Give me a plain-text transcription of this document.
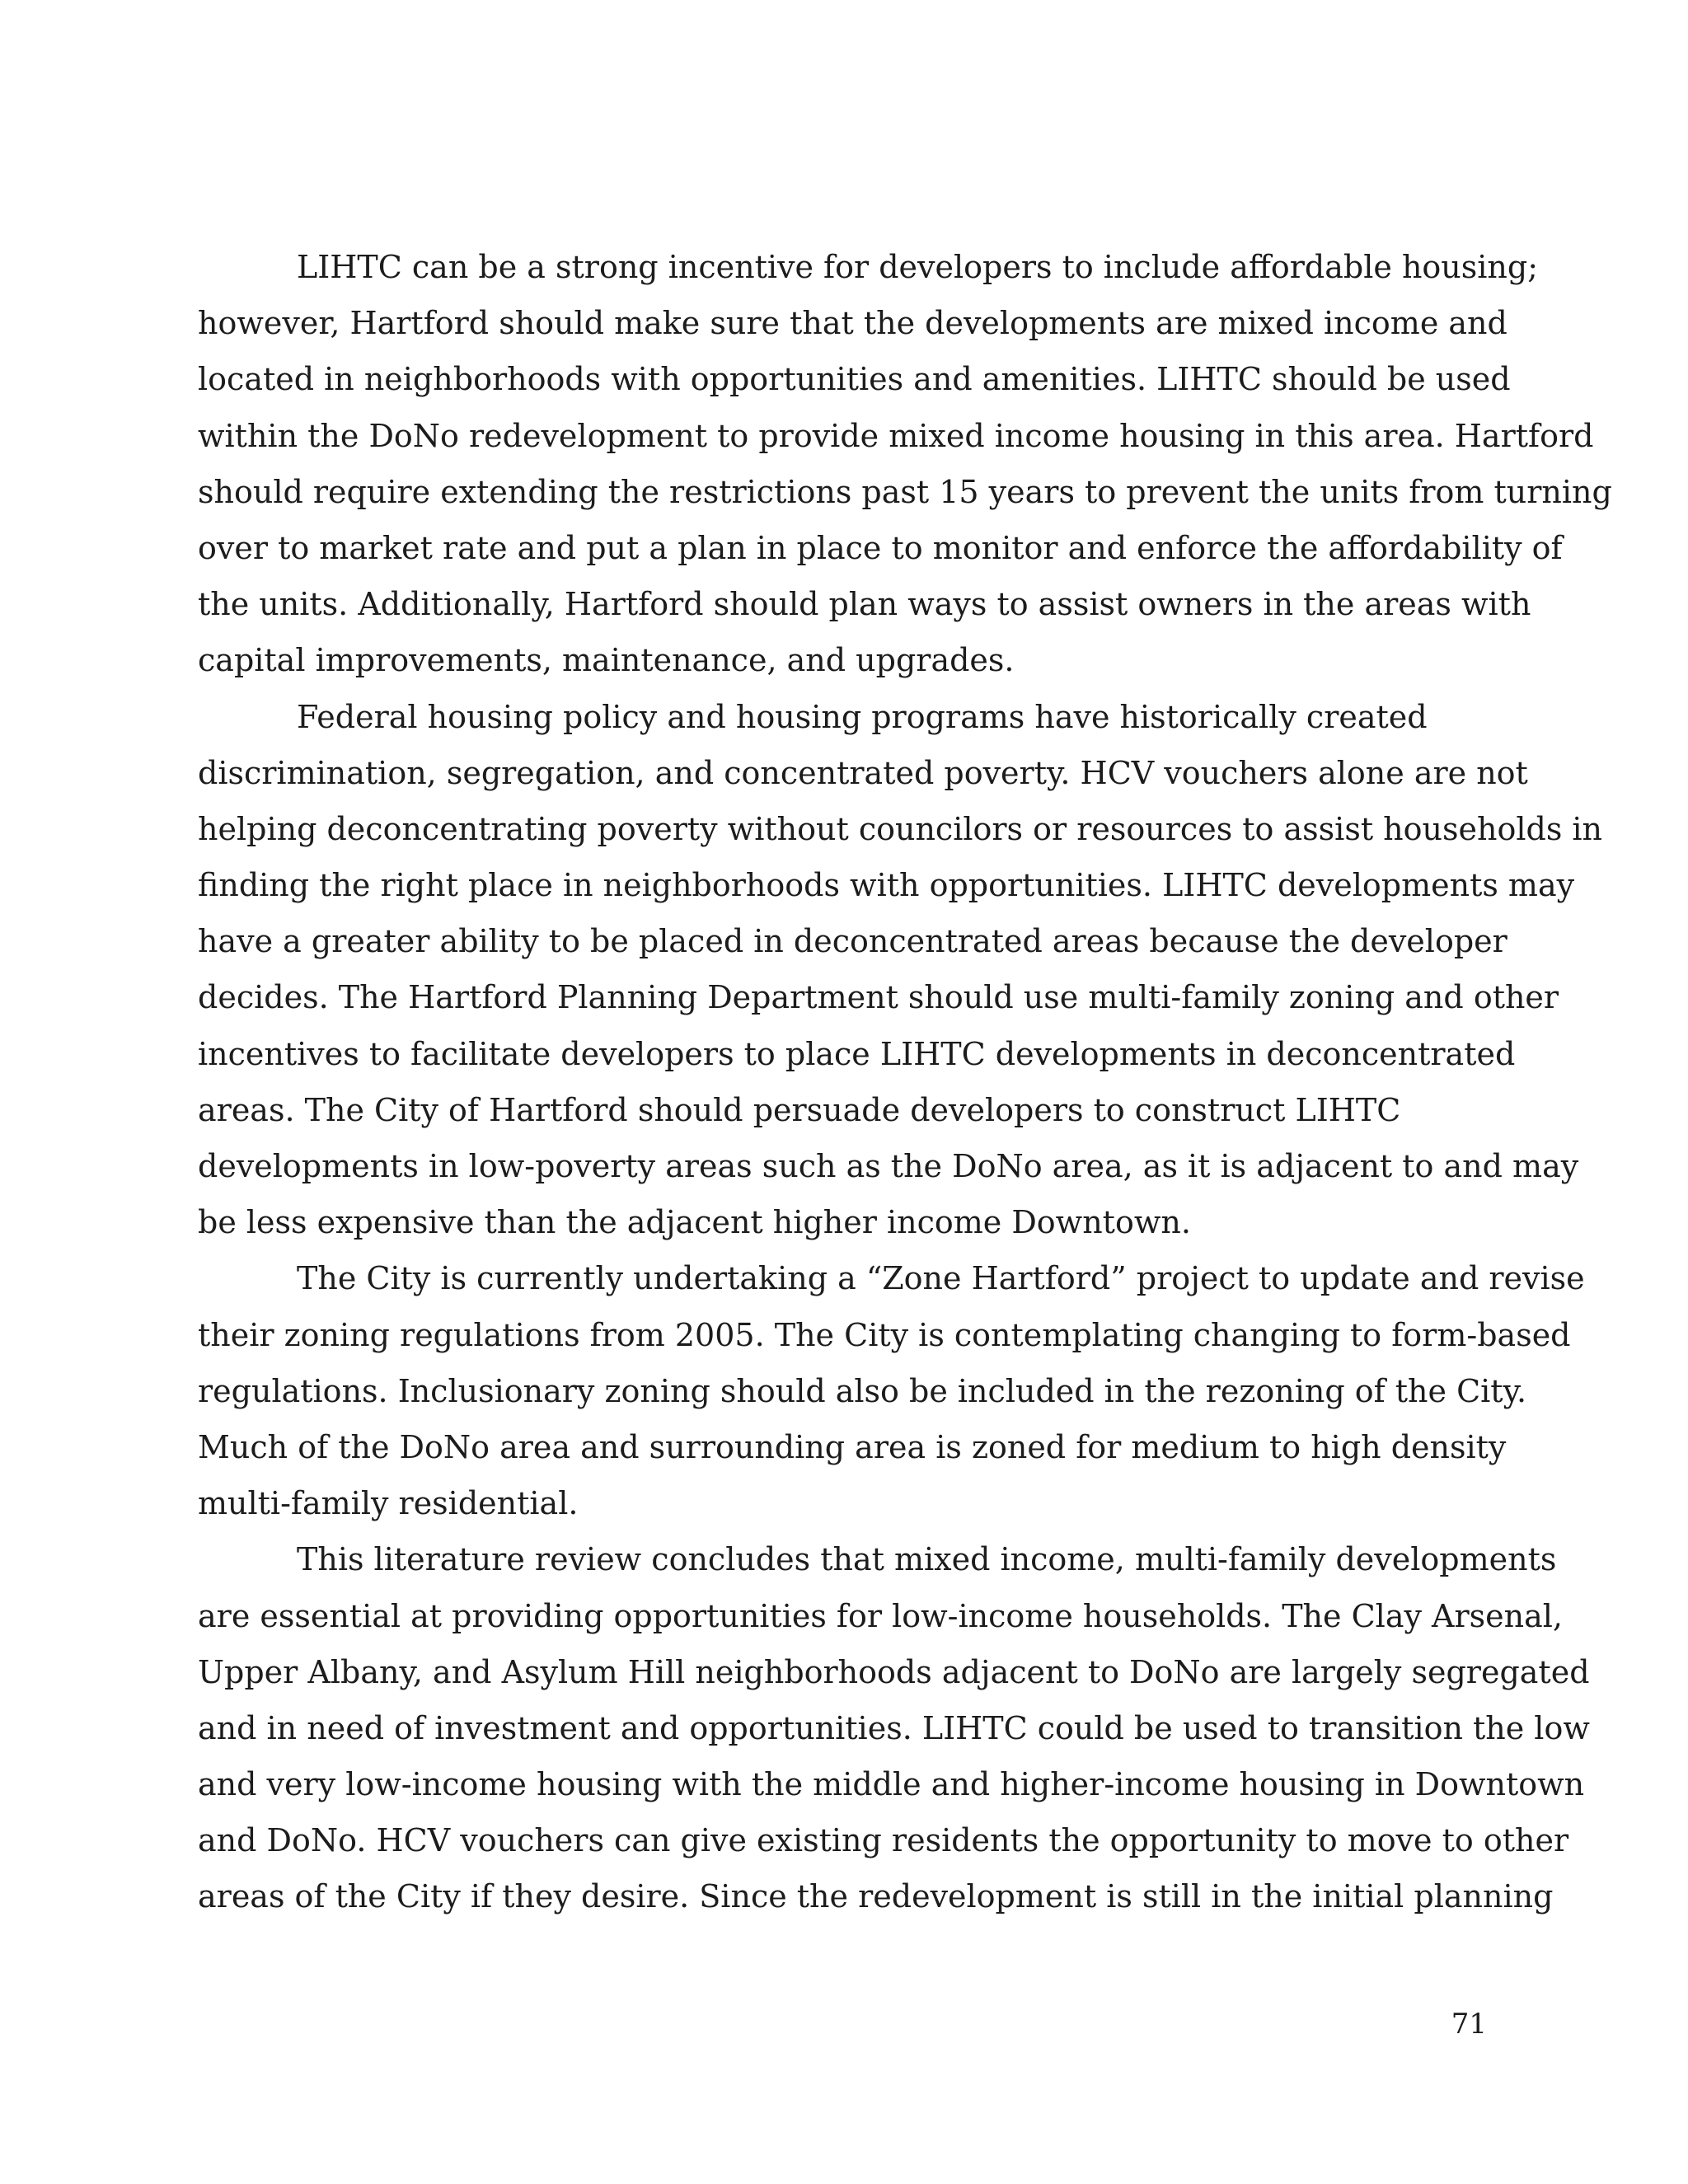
LIHTC can be a strong incentive for developers to include affordable housing;
however, Hartford should make sure that the developments are mixed income and
located in neighborhoods with opportunities and amenities. LIHTC should be used
within the DoNo redevelopment to provide mixed income housing in this area. Hartford
should require extending the restrictions past 15 years to prevent the units from turning
over to market rate and put a plan in place to monitor and enforce the affordability of
the units. Additionally, Hartford should plan ways to assist owners in the areas with
capital improvements, maintenance, and upgrades.
Federal housing policy and housing programs have historically created
discrimination, segregation, and concentrated poverty. HCV vouchers alone are not
helping deconcentrating poverty without councilors or resources to assist households in
finding the right place in neighborhoods with opportunities. LIHTC developments may
have a greater ability to be placed in deconcentrated areas because the developer
decides. The Hartford Planning Department should use multi-family zoning and other
incentives to facilitate developers to place LIHTC developments in deconcentrated
areas. The City of Hartford should persuade developers to construct LIHTC
developments in low-poverty areas such as the DoNo area, as it is adjacent to and may
be less expensive than the adjacent higher income Downtown.
The City is currently undertaking a “Zone Hartford” project to update and revise
their zoning regulations from 2005. The City is contemplating changing to form-based
regulations. Inclusionary zoning should also be included in the rezoning of the City.
Much of the DoNo area and surrounding area is zoned for medium to high density
multi-family residential.
This literature review concludes that mixed income, multi-family developments
are essential at providing opportunities for low-income households. The Clay Arsenal,
Upper Albany, and Asylum Hill neighborhoods adjacent to DoNo are largely segregated
and in need of investment and opportunities. LIHTC could be used to transition the low
and very low-income housing with the middle and higher-income housing in Downtown
and DoNo. HCV vouchers can give existing residents the opportunity to move to other
areas of the City if they desire. Since the redevelopment is still in the initial planning
71
